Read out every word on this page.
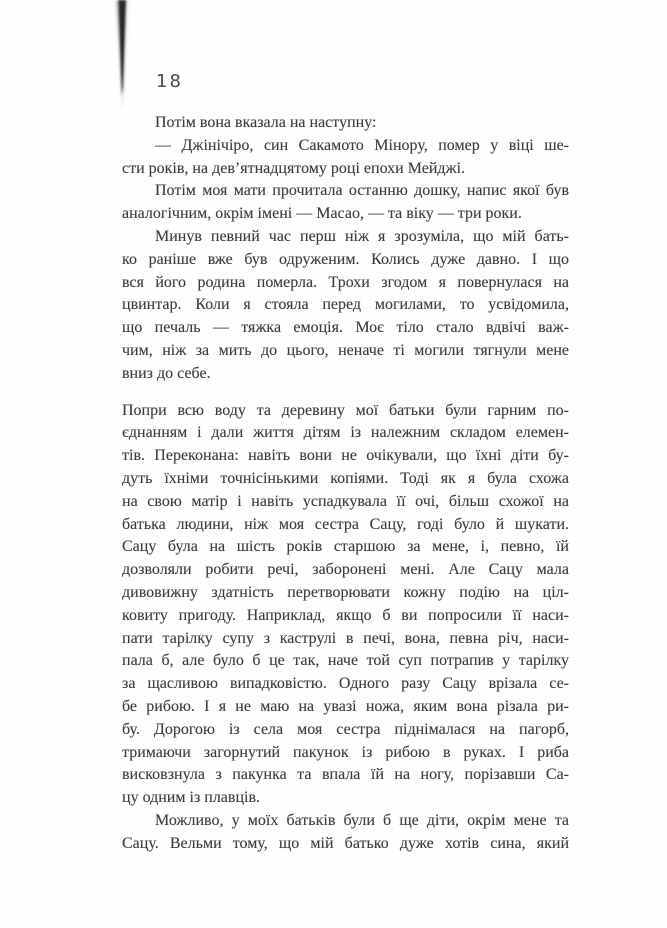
18
Потім вона вказала на наступну:
— Джінічіро, син Сакамото Мінору, помер у віці ше-
сти років, на дев’ятнадцятому році епохи Мейджі.
Потім моя мати прочитала останню дошку, напис якої був
аналогічним, окрім імені — Масао, — та віку — три роки.
Минув певний час перш ніж я зрозуміла, що мій бать-
ко раніше вже був одруженим. Колись дуже давно. І що
вся його родина померла. Трохи згодом я повернулася на
цвинтар. Коли я стояла перед могилами, то усвідомила,
що печаль — тяжка емоція. Моє тіло стало вдвічі важ-
чим, ніж за мить до цього, неначе ті могили тягнули мене
вниз до себе.
Попри всю воду та деревину мої батьки були гарним по-
єднанням і дали життя дітям із належним складом елемен-
тів. Переконана: навіть вони не очікували, що їхні діти бу-
дуть їхніми точнісінькими копіями. Тоді як я була схожа
на свою матір і навіть успадкувала її очі, більш схожої на
батька людини, ніж моя сестра Сацу, годі було й шукати.
Сацу була на шість років старшою за мене, і, певно, їй
дозволяли робити речі, заборонені мені. Але Сацу мала
дивовижну здатність перетворювати кожну подію на ціл-
ковиту пригоду. Наприклад, якщо б ви попросили її наси-
пати тарілку супу з каструлі в печі, вона, певна річ, наси-
пала б, але було б це так, наче той суп потрапив у тарілку
за щасливою випадковістю. Одного разу Сацу врізала се-
бе рибою. І я не маю на увазі ножа, яким вона різала ри-
бу. Дорогою із села моя сестра піднімалася на пагорб,
тримаючи загорнутий пакунок із рибою в руках. І риба
висковзнула з пакунка та впала їй на ногу, порізавши Са-
цу одним із плавців.
Можливо, у моїх батьків були б ще діти, окрім мене та
Сацу. Вельми тому, що мій батько дуже хотів сина, який
